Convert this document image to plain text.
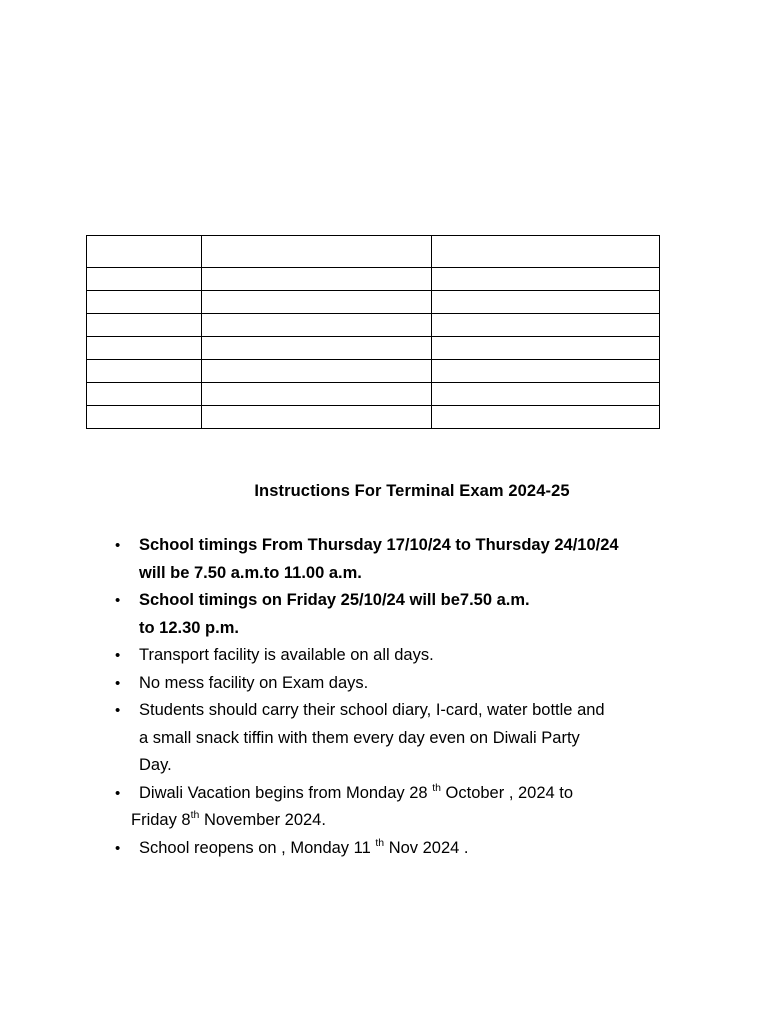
Instructions For Terminal Exam 2024-25
• School timings From Thursday 17/10/24 to Thursday 24/10/24
will be 7.50 a.m.to 11.00 a.m.
• School timings on Friday 25/10/24 will be7.50 a.m.
to 12.30 p.m.
• Transport facility is available on all days.
• No mess facility on Exam days.
• Students should carry their school diary, I-card, water bottle and
a small snack tiffin with them every day even on Diwali Party
Day.
• Diwali Vacation begins from Monday 28 $^{th}$ October , 2024 to
Friday 8th November 2024.
• School reopens on , Monday 11 $^{th}$ Nov 2024 .
